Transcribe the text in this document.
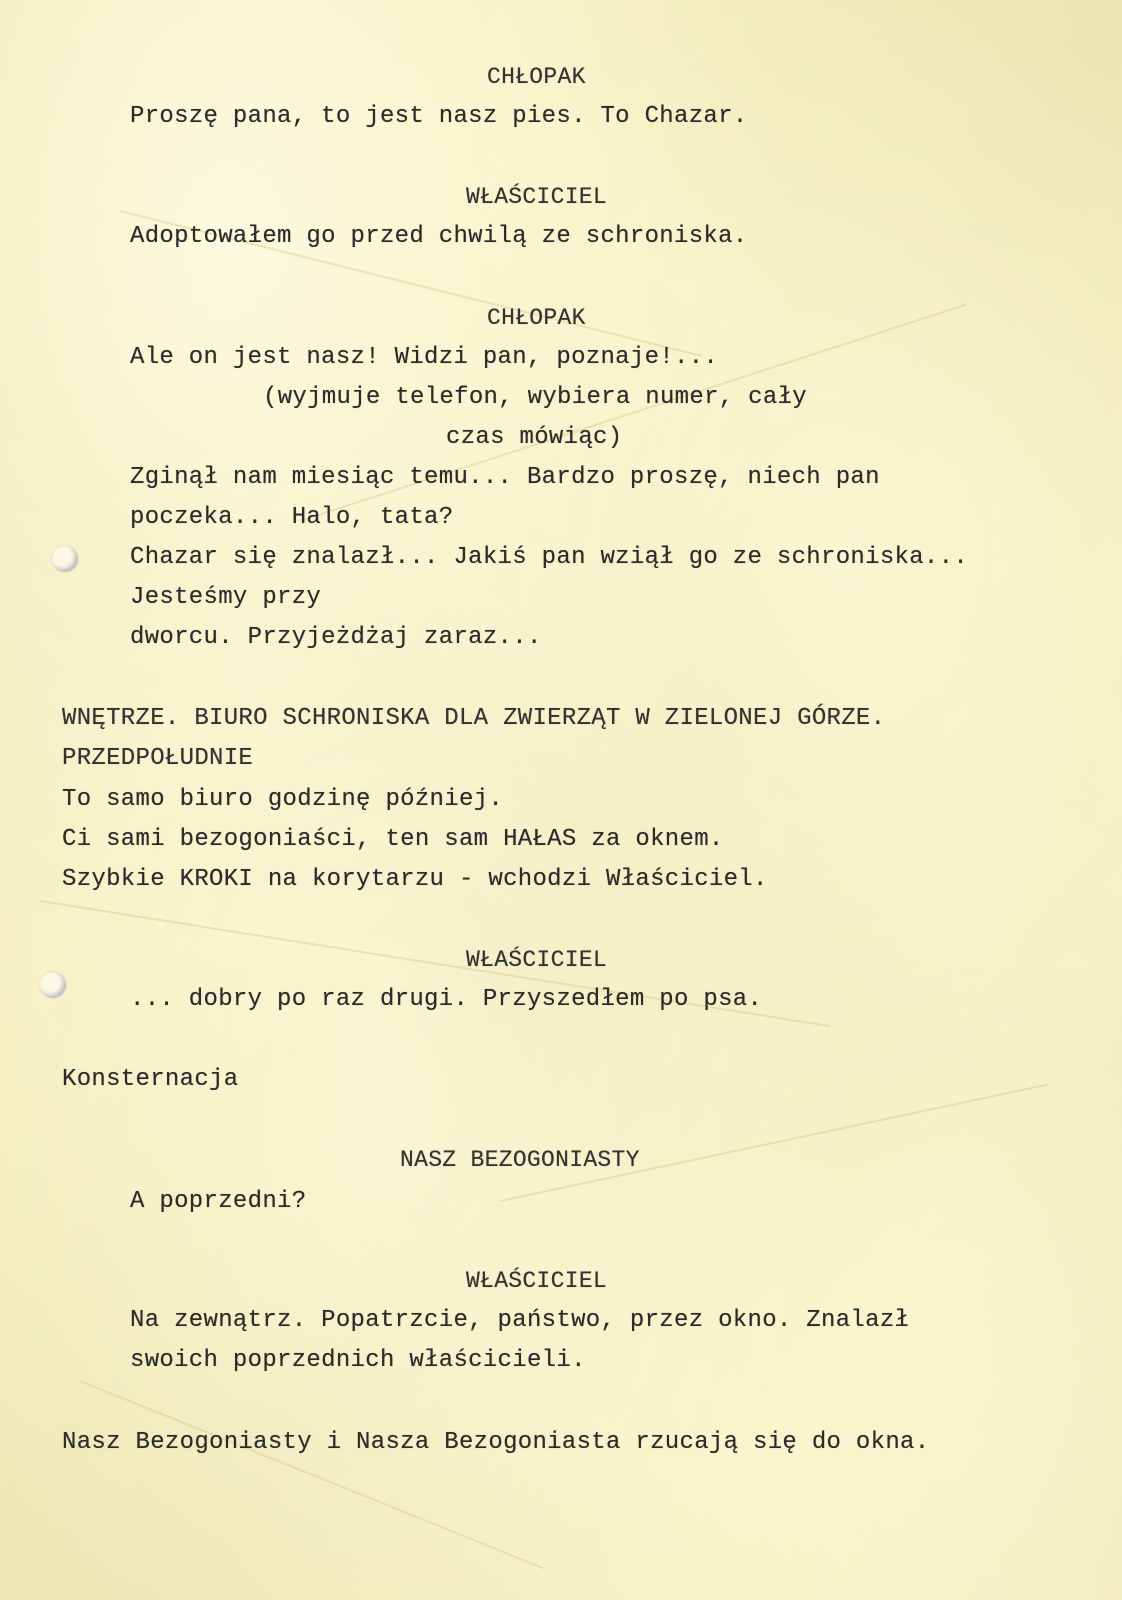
CHŁOPAK
Proszę pana, to jest nasz pies. To Chazar.
WŁAŚCICIEL
Adoptowałem go przed chwilą ze schroniska.
CHŁOPAK
Ale on jest nasz! Widzi pan, poznaje!...
(wyjmuje telefon, wybiera numer, cały
czas mówiąc)
Zginął nam miesiąc temu... Bardzo proszę, niech pan
poczeka... Halo, tata?
Chazar się znalazł... Jakiś pan wziął go ze schroniska...
Jesteśmy przy
dworcu. Przyjeżdżaj zaraz...
WNĘTRZE. BIURO SCHRONISKA DLA ZWIERZĄT W ZIELONEJ GÓRZE.
PRZEDPOŁUDNIE
To samo biuro godzinę później.
Ci sami bezogoniaści, ten sam HAŁAS za oknem.
Szybkie KROKI na korytarzu - wchodzi Właściciel.
WŁAŚCICIEL
... dobry po raz drugi. Przyszedłem po psa.
Konsternacja
NASZ BEZOGONIASTY
A poprzedni?
WŁAŚCICIEL
Na zewnątrz. Popatrzcie, państwo, przez okno. Znalazł
swoich poprzednich właścicieli.
Nasz Bezogoniasty i Nasza Bezogoniasta rzucają się do okna.
